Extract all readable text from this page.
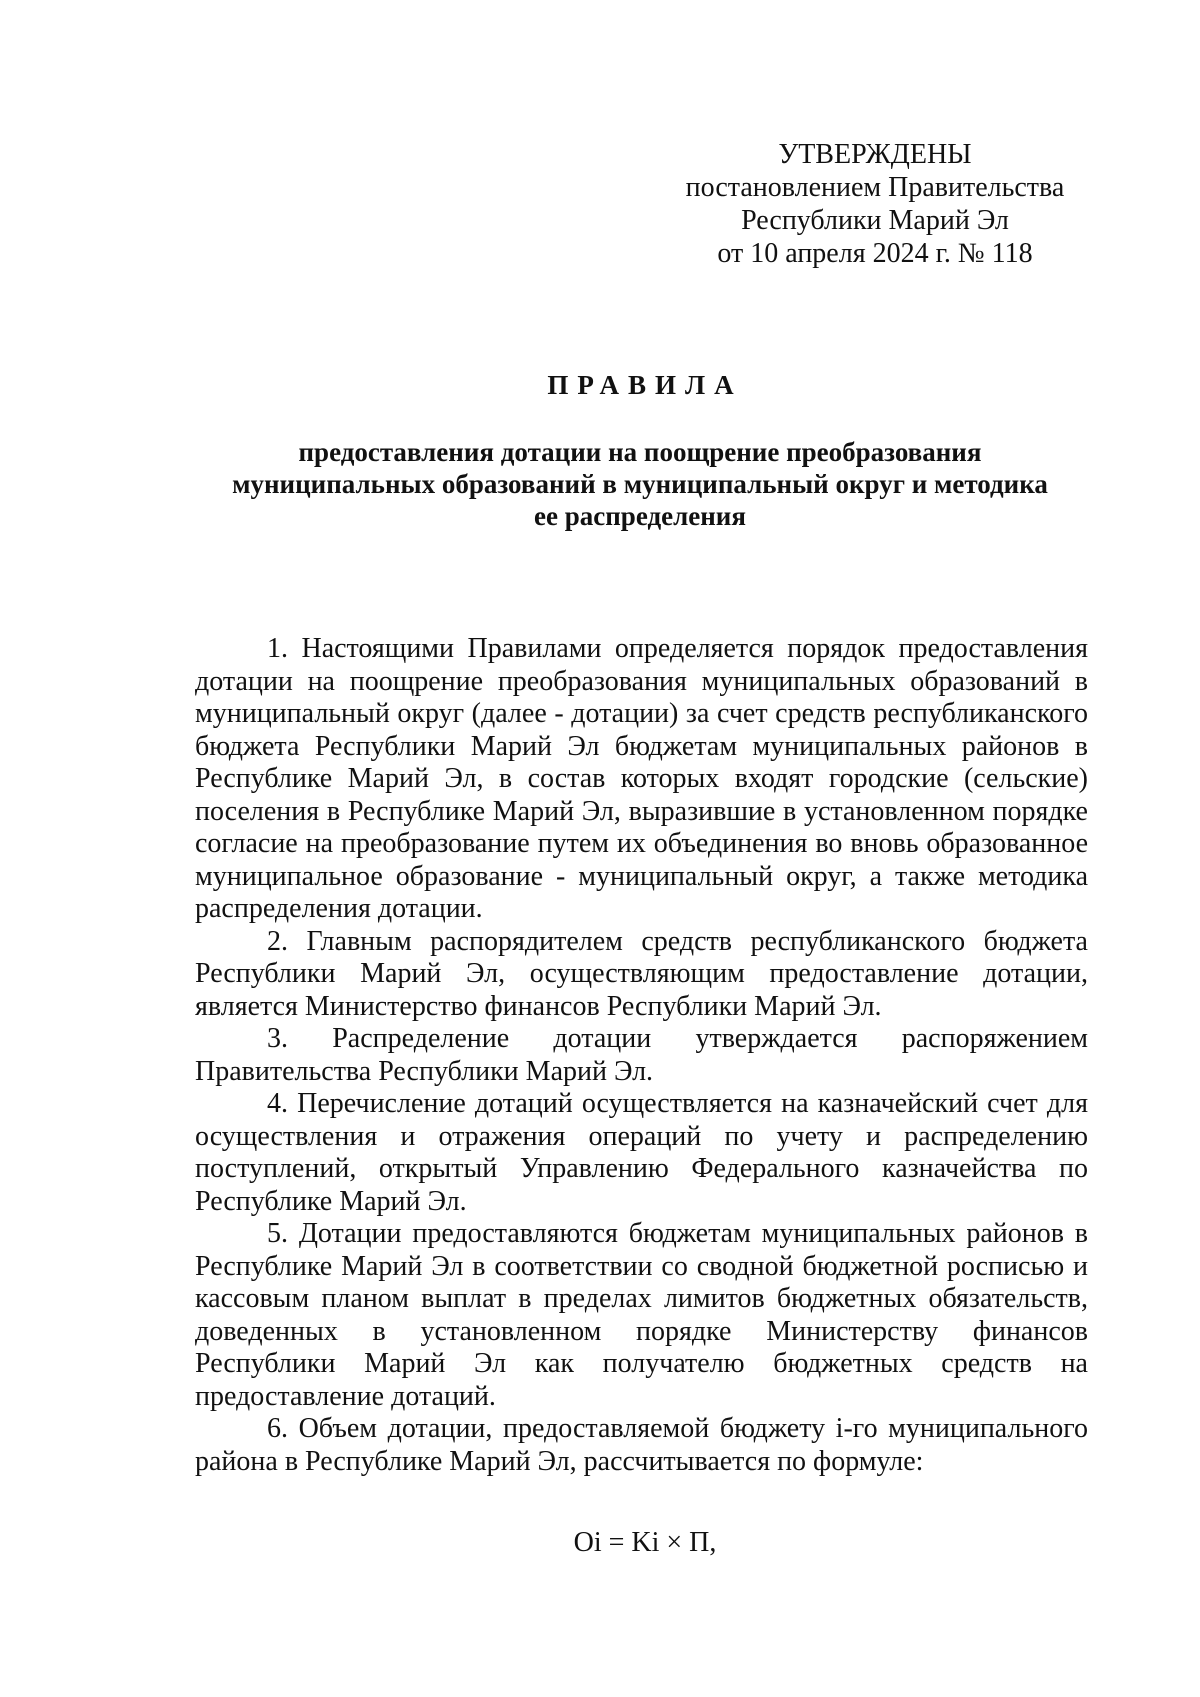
УТВЕРЖДЕНЫ
постановлением Правительства
Республики Марий Эл
от 10 апреля 2024 г. № 118
ПРАВИЛА
предоставления дотации на поощрение преобразования
муниципальных образований в муниципальный округ и методика
ее распределения

1. Настоящими Правилами определяется порядок предоставления дотации на поощрение преобразования муниципальных образований в муниципальный округ (далее - дотации) за счет средств республиканского бюджета Республики Марий Эл бюджетам муниципальных районов в Республике Марий Эл, в состав которых входят городские (сельские) поселения в Республике Марий Эл, выразившие в установленном порядке согласие на преобразование путем их объединения во вновь образованное муниципальное образование - муниципальный округ, а также методика распределения дотации.

2. Главным распорядителем средств республиканского бюджета Республики Марий Эл, осуществляющим предоставление дотации, является Министерство финансов Республики Марий Эл.

3. Распределение дотации утверждается распоряжением Правительства Республики Марий Эл.

4. Перечисление дотаций осуществляется на казначейский счет для осуществления и отражения операций по учету и распределению поступлений, открытый Управлению Федерального казначейства по Республике Марий Эл.

5. Дотации предоставляются бюджетам муниципальных районов в Республике Марий Эл в соответствии со сводной бюджетной росписью и кассовым планом выплат в пределах лимитов бюджетных обязательств, доведенных в установленном порядке Министерству финансов Республики Марий Эл как получателю бюджетных средств на предоставление дотаций.

6. Объем дотации, предоставляемой бюджету i-го муниципального района в Республике Марий Эл, рассчитывается по формуле:

Oi = Ki × П,
